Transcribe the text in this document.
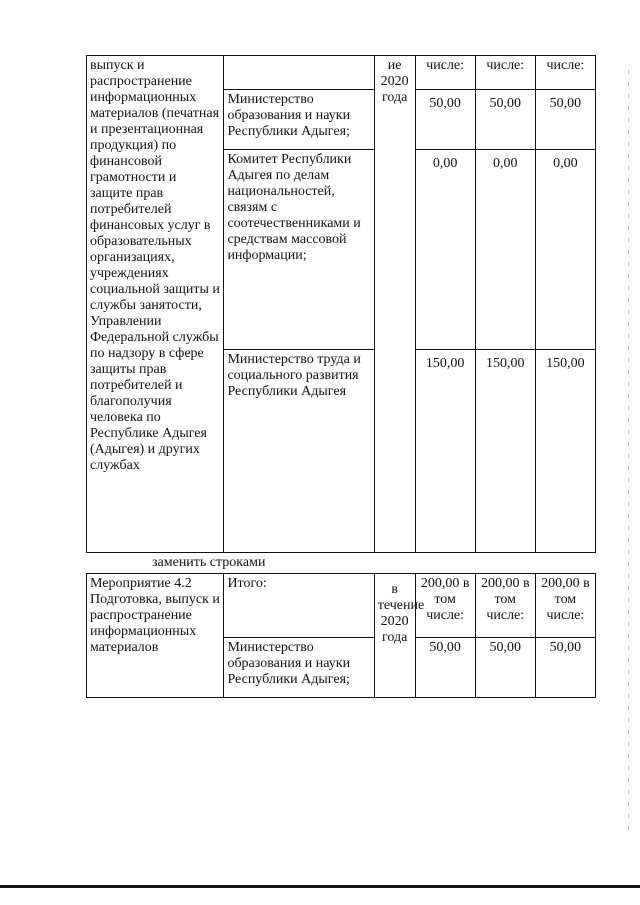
выпуск и распространение информационных материалов (печатная и презентационная продукция) по финансовой грамотности и защите прав потребителей финансовых услуг в образовательных организациях, учреждениях социальной защиты и службы занятости, Управлении Федеральной службы по надзору в сфере защиты прав потребителей и благополучия человека по Республике Адыгея (Адыгея) и других службах		ие 2020 года	числе:	числе:	числе:
	Министерство образования и науки Республики Адыгея;		50,00	50,00	50,00
	Комитет Республики Адыгея по делам национальностей, связям с соотечественниками и средствам массовой информации;		0,00	0,00	0,00
	Министерство труда и социального развития Республики Адыгея		150,00	150,00	150,00
заменить строками
Мероприятие 4.2 Подготовка, выпуск и распространение информационных материалов	Итого:	в течение 2020 года	200,00 в том числе:	200,00 в том числе:	200,00 в том числе:
	Министерство образования и науки Республики Адыгея;		50,00	50,00	50,00
